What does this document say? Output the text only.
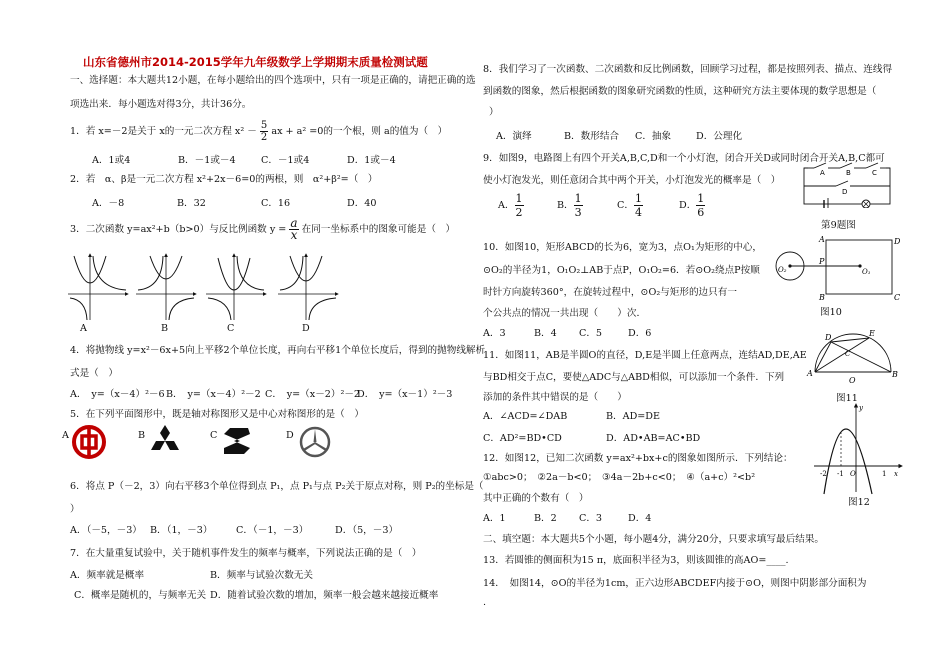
山东省德州市2014-2015学年九年级数学上学期期末质量检测试题
一、选择题：本大题共12小题，在每小题给出的四个选项中，只有一项是正确的，请把正确的选
项选出来．每小题选对得3分，共计36分。
1．若 x=－2是关于 x的一元二次方程 $x^2 - \frac{5}{2}$ ax + a² =0的一个根，则 a的值为（　）
A．1或4	B．－1或－4	C．－1或4	D．1或－4
2．若　α、β是一元二次方程 x²+2x－6=0的两根，则　α²+β²=（　）
A．－8	B．32	C．16	D．40
3．二次函数 y=ax²+b（b>0）与反比例函数 $y = \frac{a}{x}$ 在同一坐标系中的图象可能是（　）
A	B	C	D
4．将抛物线 y=x²－6x+5向上平移2个单位长度，再向右平移1个单位长度后，得到的抛物线解析
式是（　）
A．　y=（x－4）²－6 B．　y=（x－4）²－2 C．　y=（x－2）²－2
D．　y=（x－1）²－3
5．在下列平面图形中，既是轴对称图形又是中心对称图形的是（　）
A	B	C	D
6．将点 P（－2，3）向右平移3个单位得到点 P₁，点 P₁与点 P₂关于原点对称，则 P₂的坐标是（
）
A．（－5，－3） B．（1，－3） C．（－1，－3）	D．（5，－3）
7．在大量重复试验中，关于随机事件发生的频率与概率，下列说法正确的是（　）
A．频率就是概率	B．频率与试验次数无关
C．概率是随机的，与频率无关 D．随着试验次数的增加，频率一般会越来越接近概率
8．我们学习了一次函数、二次函数和反比例函数，回顾学习过程，都是按照列表、描点、连线得
到函数的图象，然后根据函数的图象研究函数的性质，这种研究方法主要体现的数学思想是（
）
A．演绎	B．数形结合 C．抽象	D．公理化
9．如图9，电路图上有四个开关A,B,C,D和一个小灯泡，闭合开关D或同时闭合开关A,B,C都可
使小灯泡发光，则任意闭合其中两个开关，小灯泡发光的概率是（　）
A． $\frac{1}{2}$	B． $\frac{1}{3}$	C． $\frac{1}{4}$	D． $\frac{1}{6}$
A	B	C
D
第9题图
10．如图10，矩形ABCD的长为6，宽为3，点O₁为矩形的中心，
⊙O₂的半径为1，O₁O₂⊥AB于点P，O₁O₂=6．若⊙O₂绕点P按顺
时针方向旋转360°，在旋转过程中，⊙O₂与矩形的边只有一
个公共点的情况一共出现（　　）次．
A．3	B．4 C．5	D．6
A	D
P
O₂	O₁
B	C
图10
11．如图11，AB是半圆O的直径，D,E是半圆上任意两点，连结AD,DE,AE
与BD相交于点C，要使△ADC与△ABD相似，可以添加一个条件．下列
添加的条件其中错误的是（　　）
A．∠ACD=∠DAB	B．AD=DE
C．AD²=BD•CD	D．AD•AB=AC•BD
D	E
C
A
O
B
图11
12．如图12，已知二次函数 y=ax²+bx+c的图象如图所示．下列结论：
①abc>0；　②2a－b<0；　③4a－2b+c<0；　④（a+c）²<b²
其中正确的个数有（　）
A．1	B．2 C．3	D．4
-2 -1 O	1 x
y
图12
二、填空题：本大题共5个小题，每小题4分，满分20分，只要求填写最后结果。
13．若圆锥的侧面积为15 π，底面积半径为3，则该圆锥的高AO=____.
14．　如图14，⊙O的半径为1cm，正六边形ABCDEF内接于⊙O，则图中阴影部分面积为
.
